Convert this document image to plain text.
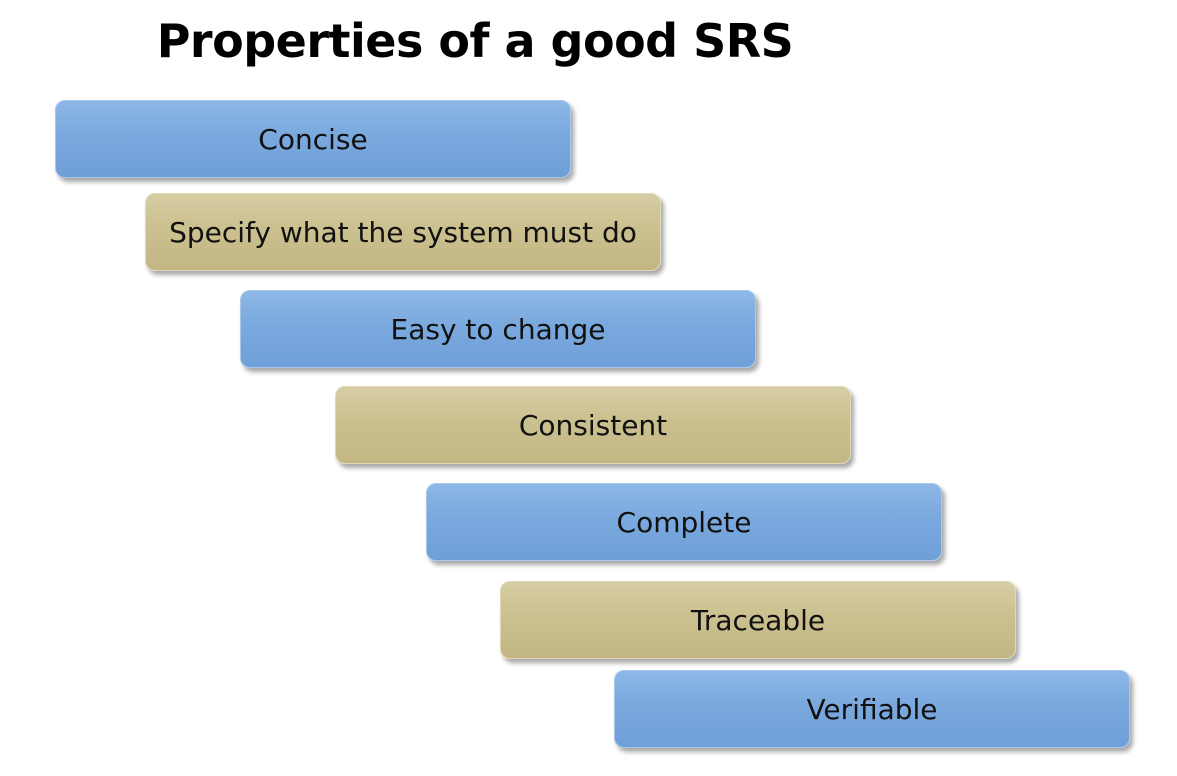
Properties of a good SRS
Concise
Specify what the system must do
Easy to change
Consistent
Complete
Traceable
Verifiable
